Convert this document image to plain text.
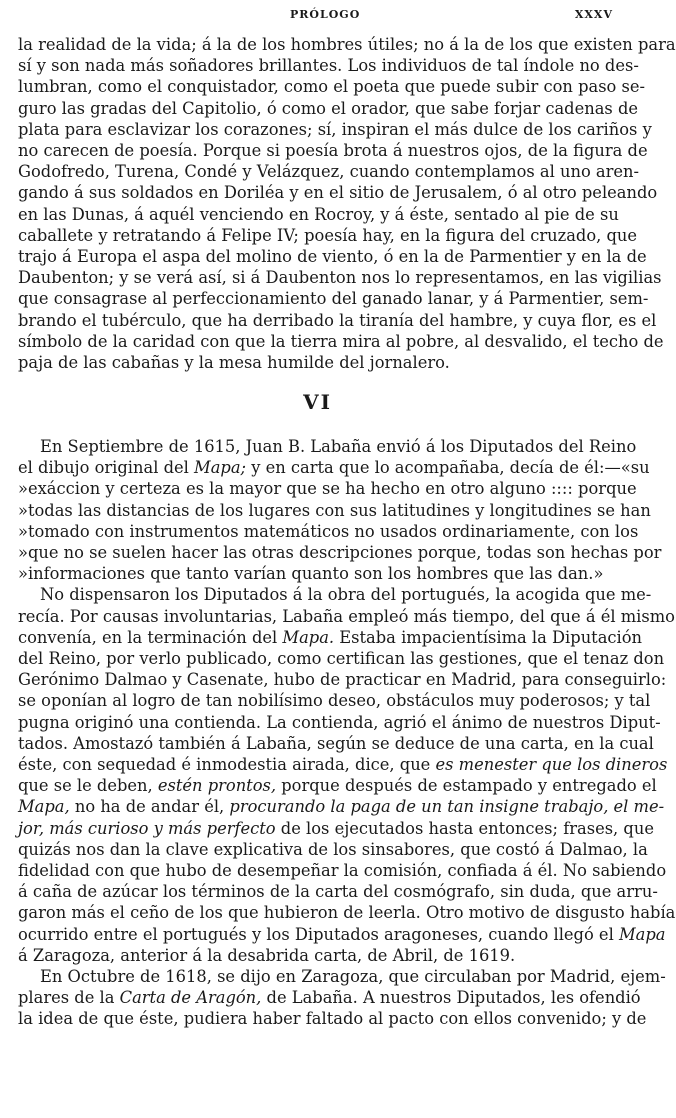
PRÓLOGO	XXXV
la realidad de la vida; á la de los hombres útiles; no á la de los que existen para
sí y son nada más soñadores brillantes. Los individuos de tal índole no des-
lumbran, como el conquistador, como el poeta que puede subir con paso se-
guro las gradas del Capitolio, ó como el orador, que sabe forjar cadenas de
plata para esclavizar los corazones; sí, inspiran el más dulce de los cariños y
no carecen de poesía. Porque si poesía brota á nuestros ojos, de la figura de
Godofredo, Turena, Condé y Velázquez, cuando contemplamos al uno aren-
gando á sus soldados en Doriléa y en el sitio de Jerusalem, ó al otro peleando
en las Dunas, á aquél venciendo en Rocroy, y á éste, sentado al pie de su
caballete y retratando á Felipe IV; poesía hay, en la figura del cruzado, que
trajo á Europa el aspa del molino de viento, ó en la de Parmentier y en la de
Daubenton; y se verá así, si á Daubenton nos lo representamos, en las vigilias
que consagrase al perfeccionamiento del ganado lanar, y á Parmentier, sem-
brando el tubérculo, que ha derribado la tiranía del hambre, y cuya flor, es el
símbolo de la caridad con que la tierra mira al pobre, al desvalido, el techo de
paja de las cabañas y la mesa humilde del jornalero.
VI
En Septiembre de 1615, Juan B. Labaña envió á los Diputados del Reino
el dibujo original del Mapa; y en carta que lo acompañaba, decía de él:—«su
»exáccion y certeza es la mayor que se ha hecho en otro alguno :::: porque
»todas las distancias de los lugares con sus latitudines y longitudines se han
»tomado con instrumentos matemáticos no usados ordinariamente, con los
»que no se suelen hacer las otras descripciones porque, todas son hechas por
»informaciones que tanto varían quanto son los hombres que las dan.»
No dispensaron los Diputados á la obra del portugués, la acogida que me-
recía. Por causas involuntarias, Labaña empleó más tiempo, del que á él mismo
convenía, en la terminación del Mapa. Estaba impacientísima la Diputación
del Reino, por verlo publicado, como certifican las gestiones, que el tenaz don
Gerónimo Dalmao y Casenate, hubo de practicar en Madrid, para conseguirlo:
se oponían al logro de tan nobilísimo deseo, obstáculos muy poderosos; y tal
pugna originó una contienda. La contienda, agrió el ánimo de nuestros Diput-
tados. Amostazó también á Labaña, según se deduce de una carta, en la cual
éste, con sequedad é inmodestia airada, dice, que es menester que los dineros
que se le deben, estén prontos, porque después de estampado y entregado el
Mapa, no ha de andar él, procurando la paga de un tan insigne trabajo, el me-
jor, más curioso y más perfecto de los ejecutados hasta entonces; frases, que
quizás nos dan la clave explicativa de los sinsabores, que costó á Dalmao, la
fidelidad con que hubo de desempeñar la comisión, confiada á él. No sabiendo
á caña de azúcar los términos de la carta del cosmógrafo, sin duda, que arru-
garon más el ceño de los que hubieron de leerla. Otro motivo de disgusto había
ocurrido entre el portugués y los Diputados aragoneses, cuando llegó el Mapa
á Zaragoza, anterior á la desabrida carta, de Abril, de 1619.
En Octubre de 1618, se dijo en Zaragoza, que circulaban por Madrid, ejem-
plares de la Carta de Aragón, de Labaña. A nuestros Diputados, les ofendió
la idea de que éste, pudiera haber faltado al pacto con ellos convenido; y de
